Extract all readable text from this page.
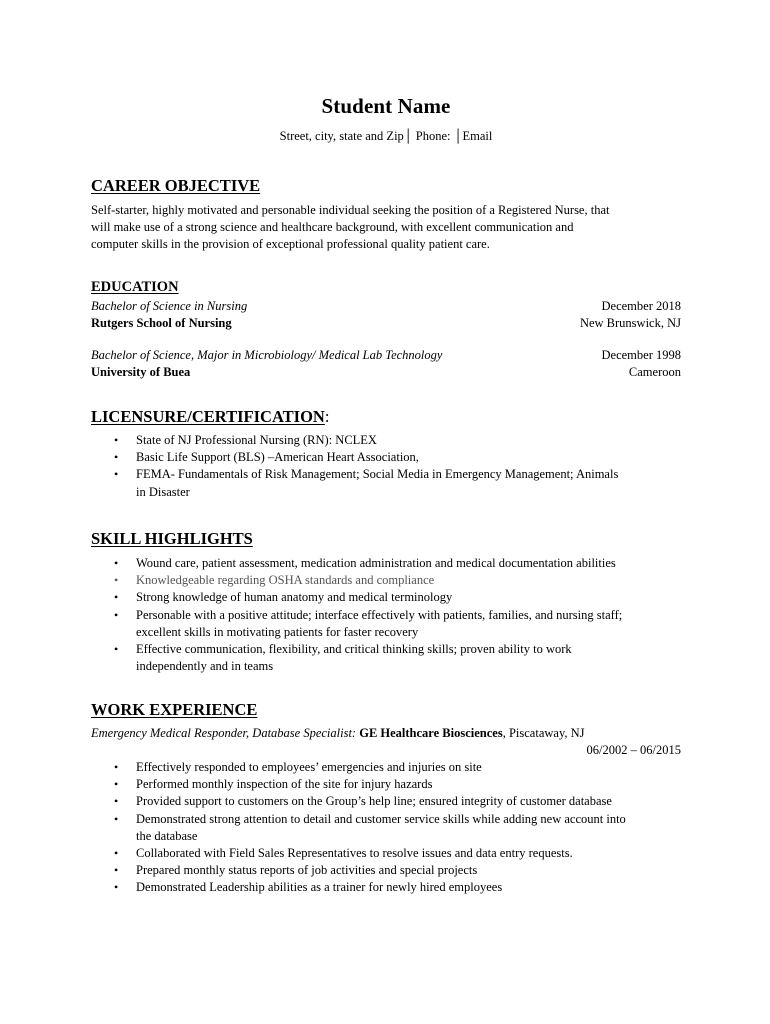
Student Name
Street, city, state and Zip│ Phone: │Email
CAREER OBJECTIVE
Self-starter, highly motivated and personable individual seeking the position of a Registered Nurse, that
will make use of a strong science and healthcare background, with excellent communication and
computer skills in the provision of exceptional professional quality patient care.
EDUCATION
Bachelor of Science in Nursing	December 2018
Rutgers School of Nursing	New Brunswick, NJ
Bachelor of Science, Major in Microbiology/ Medical Lab Technology	December 1998
University of Buea	Cameroon
LICENSURE/CERTIFICATION:
• State of NJ Professional Nursing (RN): NCLEX
• Basic Life Support (BLS) –American Heart Association,
• FEMA- Fundamentals of Risk Management; Social Media in Emergency Management; Animals
in Disaster
SKILL HIGHLIGHTS
• Wound care, patient assessment, medication administration and medical documentation abilities
• Knowledgeable regarding OSHA standards and compliance
• Strong knowledge of human anatomy and medical terminology
• Personable with a positive attitude; interface effectively with patients, families, and nursing staff;
excellent skills in motivating patients for faster recovery
• Effective communication, flexibility, and critical thinking skills; proven ability to work
independently and in teams
WORK EXPERIENCE
Emergency Medical Responder, Database Specialist: GE Healthcare Biosciences, Piscataway, NJ
06/2002 – 06/2015
• Effectively responded to employees’ emergencies and injuries on site
• Performed monthly inspection of the site for injury hazards
• Provided support to customers on the Group’s help line; ensured integrity of customer database
• Demonstrated strong attention to detail and customer service skills while adding new account into
the database
• Collaborated with Field Sales Representatives to resolve issues and data entry requests.
• Prepared monthly status reports of job activities and special projects
• Demonstrated Leadership abilities as a trainer for newly hired employees
